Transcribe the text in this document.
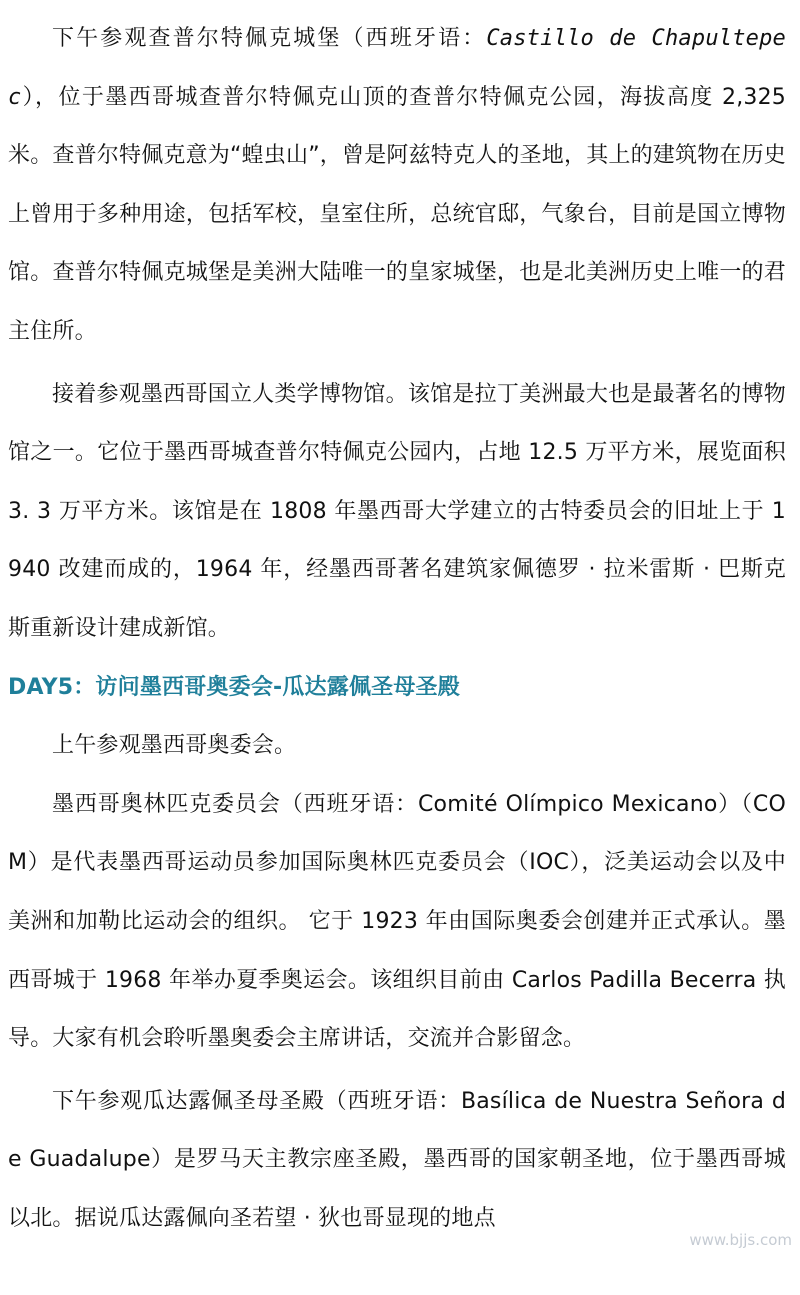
下午参观查普尔特佩克城堡（西班牙语：Castillo de Chapultepec），位于墨西哥城查普尔特佩克山顶的查普尔特佩克公园，海拔高度 2,325 米。查普尔特佩克意为“蝗虫山”，曾是阿兹特克人的圣地，其上的建筑物在历史上曾用于多种用途，包括军校，皇室住所，总统官邸，气象台，目前是国立博物馆。查普尔特佩克城堡是美洲大陆唯一的皇家城堡，也是北美洲历史上唯一的君主住所。

接着参观墨西哥国立人类学博物馆。该馆是拉丁美洲最大也是最著名的博物馆之一。它位于墨西哥城查普尔特佩克公园内，占地 12.5 万平方米，展览面积 3. 3 万平方米。该馆是在 1808 年墨西哥大学建立的古特委员会的旧址上于 1940 改建而成的，1964 年，经墨西哥著名建筑家佩德罗 · 拉米雷斯 · 巴斯克斯重新设计建成新馆。

DAY5：访问墨西哥奥委会-瓜达露佩圣母圣殿

上午参观墨西哥奥委会。

墨西哥奥林匹克委员会（西班牙语：Comité Olímpico Mexicano）（COM）是代表墨西哥运动员参加国际奥林匹克委员会（IOC），泛美运动会以及中美洲和加勒比运动会的组织。 它于 1923 年由国际奥委会创建并正式承认。墨西哥城于 1968 年举办夏季奥运会。该组织目前由 Carlos Padilla Becerra 执导。大家有机会聆听墨奥委会主席讲话，交流并合影留念。

下午参观瓜达露佩圣母圣殿（西班牙语：Basílica de Nuestra Señora de Guadalupe）是罗马天主教宗座圣殿，墨西哥的国家朝圣地，位于墨西哥城以北。据说瓜达露佩向圣若望 · 狄也哥显现的地点

www.bjjs.com
